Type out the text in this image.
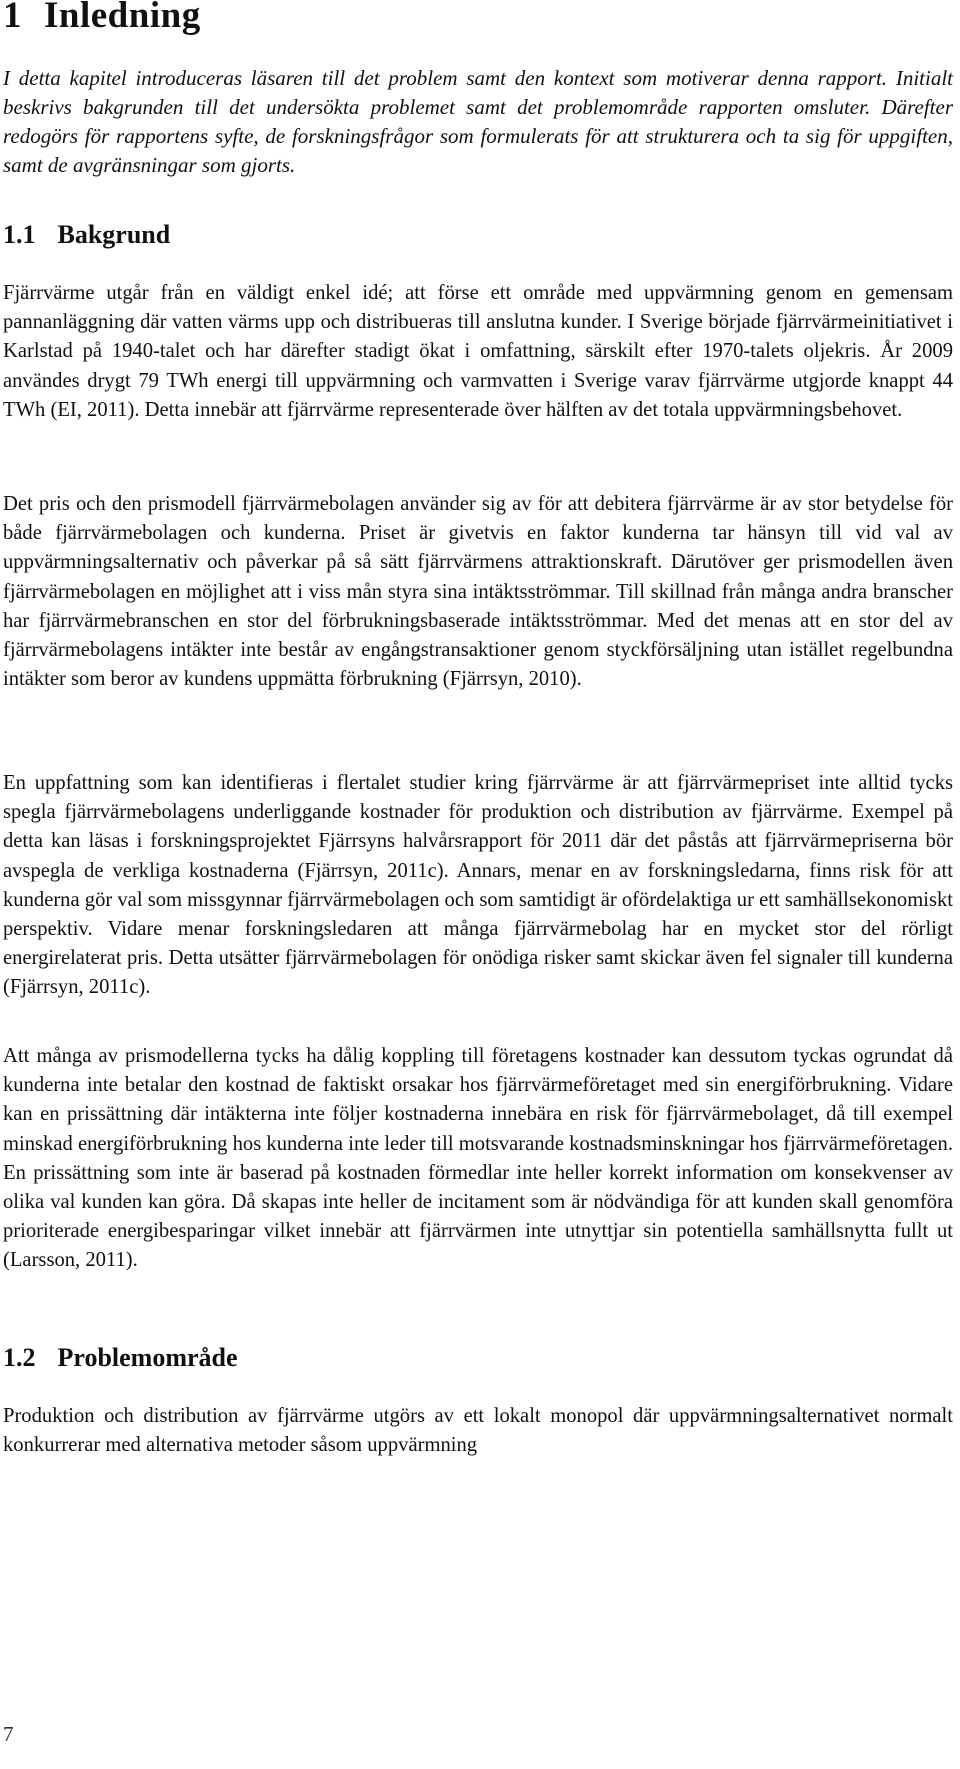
1 Inledning

I detta kapitel introduceras läsaren till det problem samt den kontext som motiverar denna rapport. Initialt beskrivs bakgrunden till det undersökta problemet samt det problemområde rapporten omsluter. Därefter redogörs för rapportens syfte, de forskningsfrågor som formulerats för att strukturera och ta sig för uppgiften, samt de avgränsningar som gjorts.

1.1 Bakgrund

Fjärrvärme utgår från en väldigt enkel idé; att förse ett område med uppvärmning genom en gemensam pannanläggning där vatten värms upp och distribueras till anslutna kunder. I Sverige började fjärrvärmeinitiativet i Karlstad på 1940-talet och har därefter stadigt ökat i omfattning, särskilt efter 1970-talets oljekris. År 2009 användes drygt 79 TWh energi till uppvärmning och varmvatten i Sverige varav fjärrvärme utgjorde knappt 44 TWh (EI, 2011). Detta innebär att fjärrvärme representerade över hälften av det totala uppvärmningsbehovet.

Det pris och den prismodell fjärrvärmebolagen använder sig av för att debitera fjärrvärme är av stor betydelse för både fjärrvärmebolagen och kunderna. Priset är givetvis en faktor kunderna tar hänsyn till vid val av uppvärmningsalternativ och påverkar på så sätt fjärrvärmens attraktionskraft. Därutöver ger prismodellen även fjärrvärmebolagen en möjlighet att i viss mån styra sina intäktsströmmar. Till skillnad från många andra branscher har fjärrvärmebranschen en stor del förbrukningsbaserade intäktsströmmar. Med det menas att en stor del av fjärrvärmebolagens intäkter inte består av engångstransaktioner genom styckförsäljning utan istället regelbundna intäkter som beror av kundens uppmätta förbrukning (Fjärrsyn, 2010).

En uppfattning som kan identifieras i flertalet studier kring fjärrvärme är att fjärrvärmepriset inte alltid tycks spegla fjärrvärmebolagens underliggande kostnader för produktion och distribution av fjärrvärme. Exempel på detta kan läsas i forskningsprojektet Fjärrsyns halvårsrapport för 2011 där det påstås att fjärrvärmepriserna bör avspegla de verkliga kostnaderna (Fjärrsyn, 2011c). Annars, menar en av forskningsledarna, finns risk för att kunderna gör val som missgynnar fjärrvärmebolagen och som samtidigt är ofördelaktiga ur ett samhällsekonomiskt perspektiv. Vidare menar forskningsledaren att många fjärrvärmebolag har en mycket stor del rörligt energirelaterat pris. Detta utsätter fjärrvärmebolagen för onödiga risker samt skickar även fel signaler till kunderna (Fjärrsyn, 2011c).

Att många av prismodellerna tycks ha dålig koppling till företagens kostnader kan dessutom tyckas ogrundat då kunderna inte betalar den kostnad de faktiskt orsakar hos fjärrvärmeföretaget med sin energiförbrukning. Vidare kan en prissättning där intäkterna inte följer kostnaderna innebära en risk för fjärrvärmebolaget, då till exempel minskad energiförbrukning hos kunderna inte leder till motsvarande kostnadsminskningar hos fjärrvärmeföretagen. En prissättning som inte är baserad på kostnaden förmedlar inte heller korrekt information om konsekvenser av olika val kunden kan göra. Då skapas inte heller de incitament som är nödvändiga för att kunden skall genomföra prioriterade energibesparingar vilket innebär att fjärrvärmen inte utnyttjar sin potentiella samhällsnytta fullt ut (Larsson, 2011).

1.2 Problemområde

Produktion och distribution av fjärrvärme utgörs av ett lokalt monopol där uppvärmningsalternativet normalt konkurrerar med alternativa metoder såsom uppvärmning

7
